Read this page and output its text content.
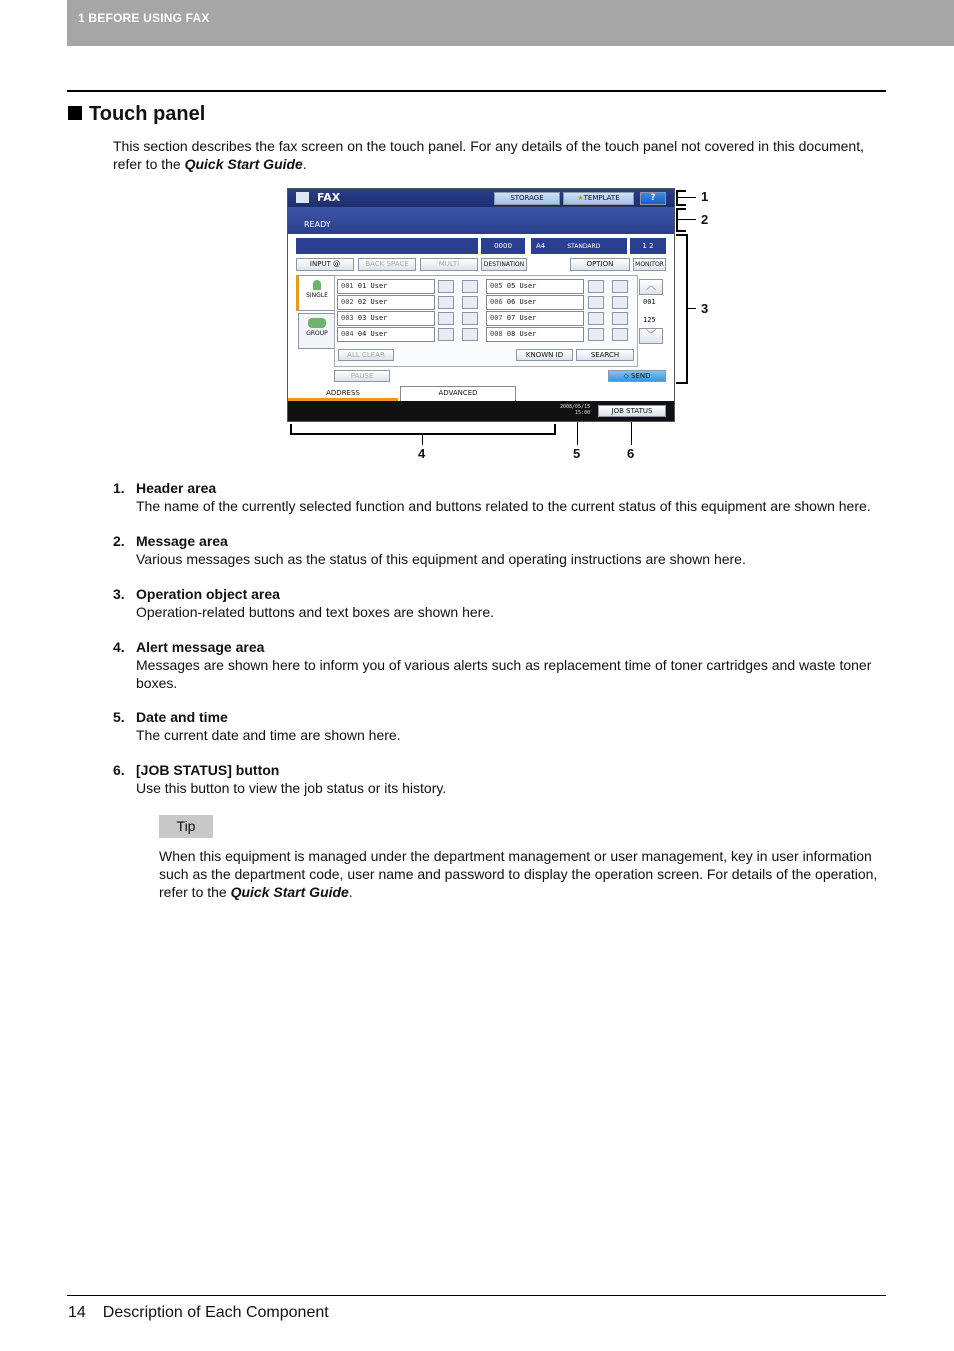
1 BEFORE USING FAX
Touch panel
This section describes the fax screen on the touch panel. For any details of the touch panel not covered in this document,
refer to the Quick Start Guide.
FAX	STORAGE	★TEMPLATE	?
READY
0000	A4	STANDARD	1 2
INPUT @	BACK SPACE	MULTI	DESTINATION	OPTION	MONITOR
SINGLE
GROUP
001 01 User
002 02 User
003 03 User
004 04 User
005 05 User
006 06 User
007 07 User
008 08 User
︿
001
125
﹀
ALL CLEAR	KNOWN ID	SEARCH
PAUSE	◇ SEND
ADDRESS	ADVANCED
2008/05/15
15:00	JOB STATUS
1
2
3
4	5	6
1. Header area
The name of the currently selected function and buttons related to the current status of this equipment are shown here.
2. Message area
Various messages such as the status of this equipment and operating instructions are shown here.
3. Operation object area
Operation-related buttons and text boxes are shown here.
4. Alert message area
Messages are shown here to inform you of various alerts such as replacement time of toner cartridges and waste toner boxes.
5. Date and time
The current date and time are shown here.
6. [JOB STATUS] button
Use this button to view the job status or its history.
Tip
When this equipment is managed under the department management or user management, key in user information such as the department code, user name and password to display the operation screen. For details of the operation, refer to the Quick Start Guide.
14 Description of Each Component
